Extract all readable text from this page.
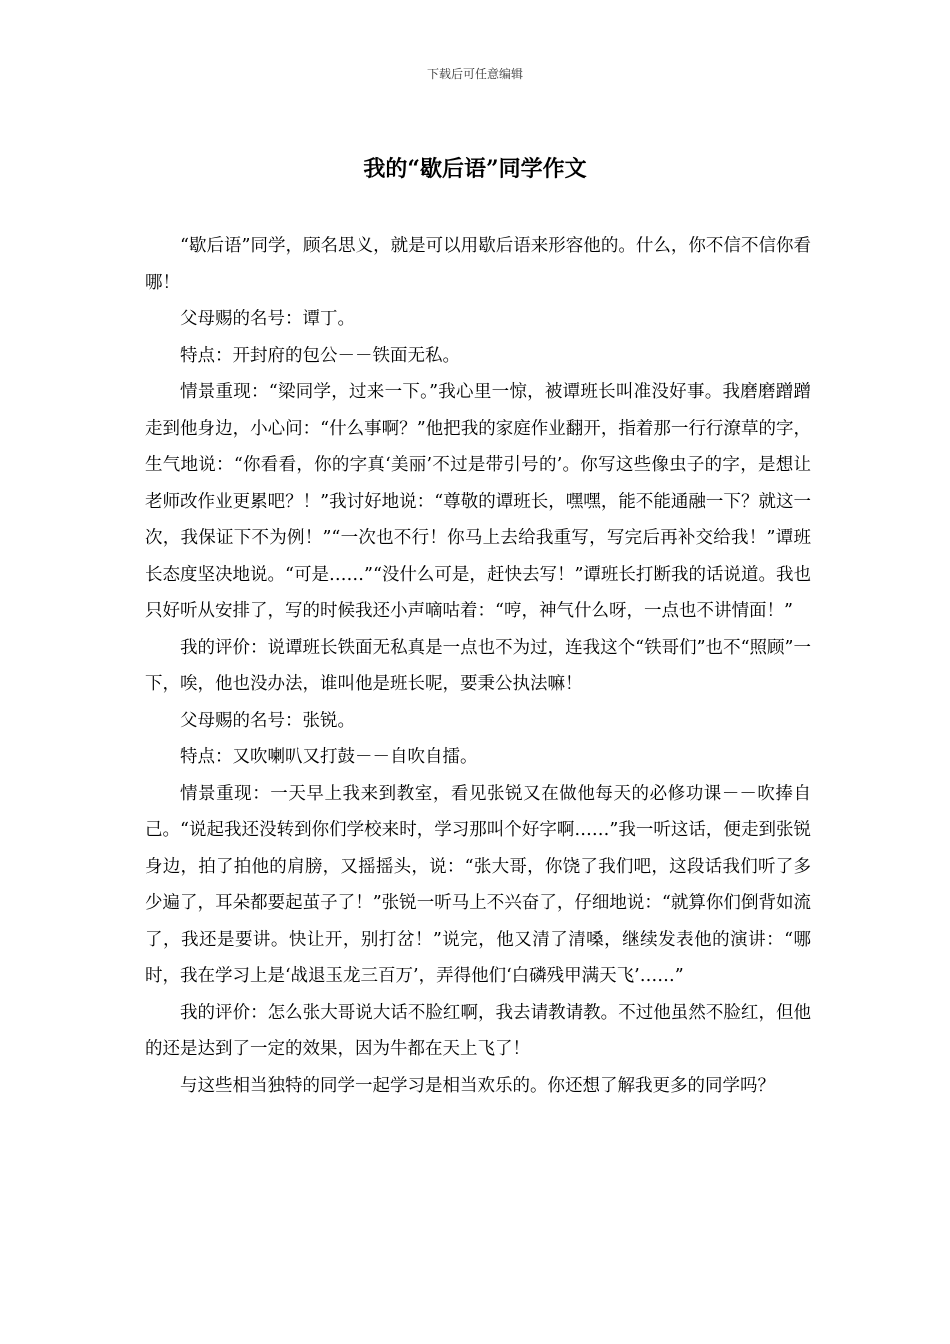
下载后可任意编辑
我的“歇后语”同学作文

“歇后语”同学，顾名思义，就是可以用歇后语来形容他的。什么，你不信不信你看哪！

父母赐的名号：谭丁。

特点：开封府的包公－－铁面无私。

情景重现：“梁同学，过来一下。”我心里一惊，被谭班长叫准没好事。我磨磨蹭蹭走到他身边，小心问：“什么事啊？”他把我的家庭作业翻开，指着那一行行潦草的字，生气地说：“你看看，你的字真‘美丽’不过是带引号的’。你写这些像虫子的字，是想让老师改作业更累吧？！”我讨好地说：“尊敬的谭班长，嘿嘿，能不能通融一下？就这一次，我保证下不为例！”“一次也不行！你马上去给我重写，写完后再补交给我！”谭班长态度坚决地说。“可是……”“没什么可是，赶快去写！”谭班长打断我的话说道。我也只好听从安排了，写的时候我还小声嘀咕着：“哼，神气什么呀，一点也不讲情面！”

我的评价：说谭班长铁面无私真是一点也不为过，连我这个“铁哥们”也不“照顾”一下，唉，他也没办法，谁叫他是班长呢，要秉公执法嘛！

父母赐的名号：张锐。

特点：又吹喇叭又打鼓－－自吹自擂。

情景重现：一天早上我来到教室，看见张锐又在做他每天的必修功课－－吹捧自己。“说起我还没转到你们学校来时，学习那叫个好字啊……”我一听这话，便走到张锐身边，拍了拍他的肩膀，又摇摇头，说：“张大哥，你饶了我们吧，这段话我们听了多少遍了，耳朵都要起茧子了！”张锐一听马上不兴奋了，仔细地说：“就算你们倒背如流了，我还是要讲。快让开，别打岔！”说完，他又清了清嗓，继续发表他的演讲：“哪时，我在学习上是‘战退玉龙三百万’，弄得他们‘白磷残甲满天飞’……”

我的评价：怎么张大哥说大话不脸红啊，我去请教请教。不过他虽然不脸红，但他的还是达到了一定的效果，因为牛都在天上飞了！

与这些相当独特的同学一起学习是相当欢乐的。你还想了解我更多的同学吗？
